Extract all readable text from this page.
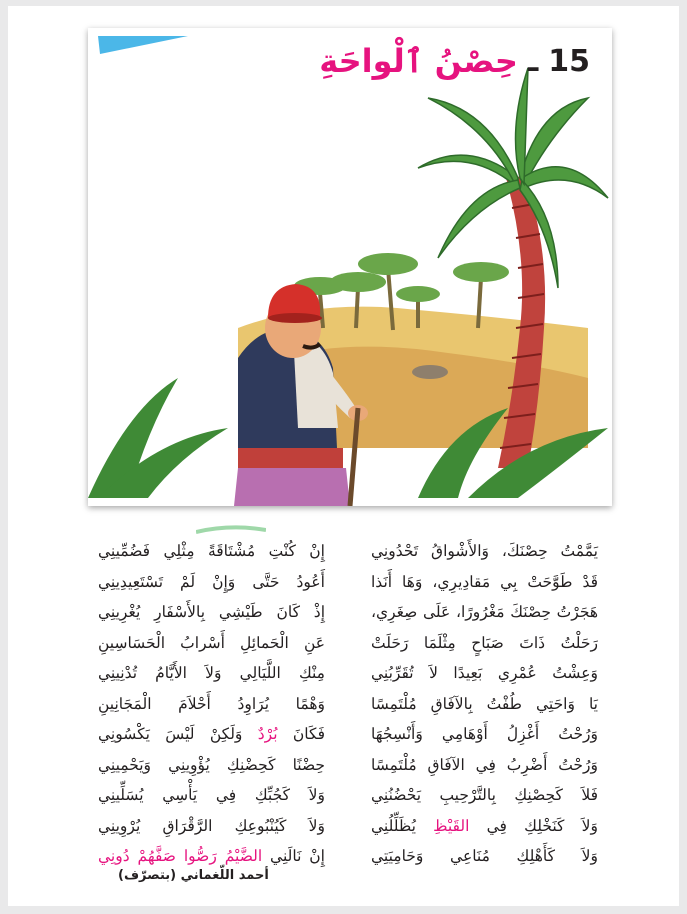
15
ـ
حِصْنُ ٱلْواحَةِ
يَمَّمْتُ حِصْنَكَ، وَالأَشْواقُ تَحْدُونِي
قَدْ طَوَّحَتْ بِي مَقادِيرِي، وَهَا أَنَذا
هَجَرْتُ حِصْنَكَ مَغْرُورًا، عَلَى صِغَرِي،
رَحَلْتُ ذَاتَ صَبَاحٍ مِثْلَمَا رَحَلَتْ
وَعِشْتُ عُمْرِي بَعِيدًا لاَ تُقَرِّبُنِي
يَا وَاحَتِي طُفْتُ بِالآفَاقِ مُلْتَمِسًا
وَرُحْتُ أَغْزِلُ أَوْهَامِي وَأَنْسِجُهَا
وَرُحْتُ أَضْرِبُ فِي الآفَاقِ مُلْتَمِسًا
فَلاَ كَحِصْنِكِ بِالتَّرْحِيبِ يَحْضُنُنِي
وَلاَ كَنَخْلِكِ فِي القَيْظِ يُظَلِّلُنِي
وَلاَ كَأَهْلِكِ مُنَاعِي وَحَامِيَتِي
إِنْ كُنْتِ مُشْتَاقَةً مِثْلِي فَضُمِّينِي
أَعُودُ حَتَّى وَإِنْ لَمْ تَسْتَعِيدِينِي
إِذْ كَانَ طَيْشِي بِالأَسْفَارِ يُغْرِينِي
عَنِ الْحَمائِلِ أَسْرابُ الْحَسَاسِينِ
مِنْكِ اللَّيَالِي وَلاَ الأَيَّامُ تُدْنِينِي
وَهْمًا يُرَاوِدُ أَحْلاَمَ الْمَجَانِينِ
فَكَانَ بُرْدٌ وَلَكِنْ لَيْسَ يَكْسُونِي
حِضْنًا كَحِضْنِكِ يُؤْوِينِي وَيَحْمِينِي
وَلاَ كَجُبِّكِ فِي يَأْسِي يُسَلِّينِي
وَلاَ كَيُنْبُوعِكِ الرَّقْرَاقِ يُرْوِينِي
إِنْ نَالَنِي الضَّيْمُ رَصُّوا صَفَّهُمْ دُونِي
أحمد اللّغماني (بتصرّف)
